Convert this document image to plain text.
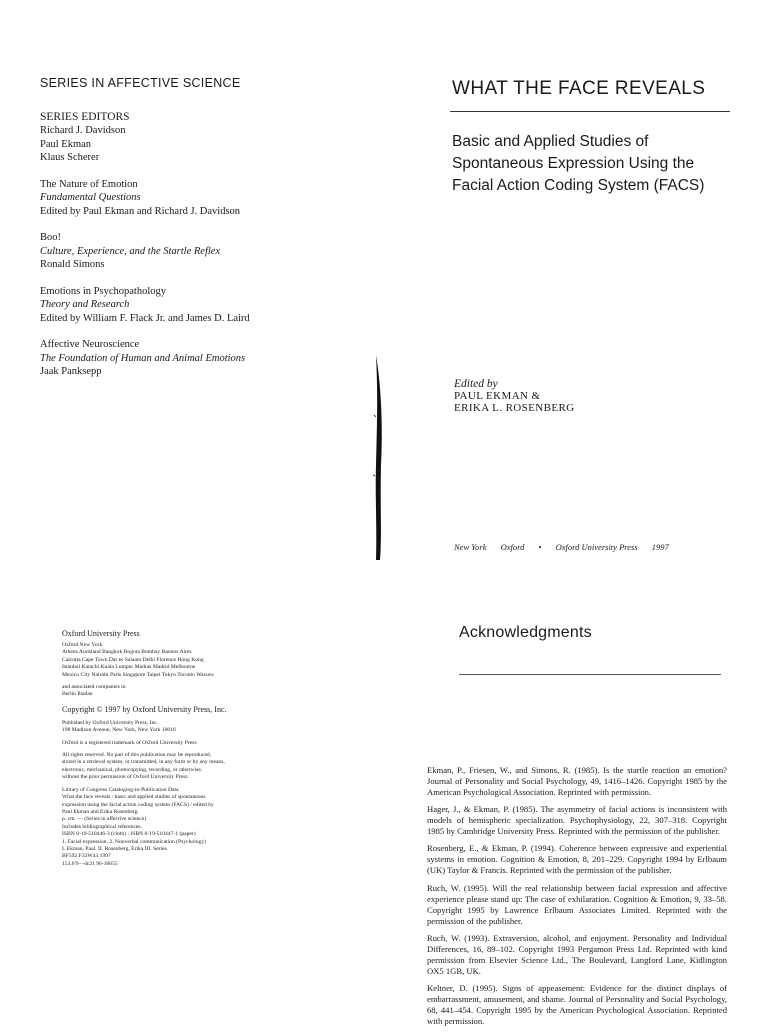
SERIES IN AFFECTIVE SCIENCE
SERIES EDITORS
Richard J. Davidson
Paul Ekman
Klaus Scherer
The Nature of Emotion
Fundamental Questions
Edited by Paul Ekman and Richard J. Davidson
Boo!
Culture, Experience, and the Startle Reflex
Ronald Simons
Emotions in Psychopathology
Theory and Research
Edited by William F. Flack Jr. and James D. Laird
Affective Neuroscience
The Foundation of Human and Animal Emotions
Jaak Panksepp
WHAT THE FACE REVEALS
Basic and Applied Studies of
Spontaneous Expression Using the
Facial Action Coding System (FACS)
Edited by
PAUL EKMAN &
ERIKA L. ROSENBERG
New York Oxford • Oxford University Press 1997
Oxford University Press
Oxford New York
Athens Auckland Bangkok Bogota Bombay Buenos Aires
Calcutta Cape Town Dar es Salaam Delhi Florence Hong Kong
Istanbul Karachi Kuala Lumpur Madras Madrid Melbourne
Mexico City Nairobi Paris Singapore Taipei Tokyo Toronto Warsaw
and associated companies in
Berlin Ibadan
Copyright © 1997 by Oxford University Press, Inc.
Published by Oxford University Press, Inc.
198 Madison Avenue, New York, New York 10016
Oxford is a registered trademark of Oxford University Press
All rights reserved. No part of this publication may be reproduced,
stored in a retrieval system, or transmitted, in any form or by any means,
electronic, mechanical, photocopying, recording, or otherwise,
without the prior permission of Oxford University Press.
Library of Congress Cataloging-in-Publication Data
What the face reveals : basic and applied studies of spontaneous
expression using the facial action coding system (FACS) / edited by
Paul Ekman and Erika Rosenberg.
p. cm. — (Series in affective science)
Includes bibliographical references.
ISBN 0-19-510446-3 (cloth) ; ISBN 0-19-510447-1 (paper)
1. Facial expression. 2. Nonverbal communication (Psychology)
I. Ekman, Paul. II. Rosenberg, Erika III. Series.
BF592.F33W43 1997
153.6'9—dc21 96-36655
Acknowledgments
Ekman, P., Friesen, W., and Simons, R. (1985). Is the startle reaction an emotion? Journal of Personality and Social Psychology, 49, 1416–1426. Copyright 1985 by the American Psychological Association. Reprinted with permission.
Hager, J., & Ekman, P. (1985). The asymmetry of facial actions is inconsistent with models of hemispheric specialization. Psychophysiology, 22, 307–318. Copyright 1985 by Cambridge University Press. Reprinted with the permission of the publisher.
Rosenberg, E., & Ekman, P. (1994). Coherence between expressive and experiential systems in emotion. Cognition & Emotion, 8, 201–229. Copyright 1994 by Erlbaum (UK) Taylor & Francis. Reprinted with the permission of the publisher.
Ruch, W. (1995). Will the real relationship between facial expression and affective experience please stand up: The case of exhilaration. Cognition & Emotion, 9, 33–58. Copyright 1995 by Lawrence Erlbaum Associates Limited. Reprinted with the permission of the publisher.
Ruch, W. (1993). Extraversion, alcohol, and enjoyment. Personality and Individual Differences, 16, 89–102. Copyright 1993 Pergamon Press Ltd. Reprinted with kind permission from Elsevier Science Ltd., The Boulevard, Langford Lane, Kidlington OX5 1GB, UK.
Keltner, D. (1995). Signs of appeasement: Evidence for the distinct displays of embarrassment, amusement, and shame. Journal of Personality and Social Psychology, 68, 441–454. Copyright 1995 by the American Psychological Association. Reprinted with permission.
